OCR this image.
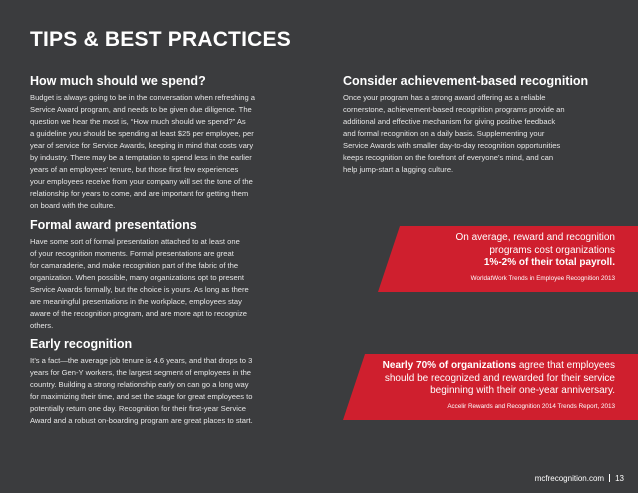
TIPS & BEST PRACTICES
How much should we spend?
Budget is always going to be in the conversation when refreshing a
Service Award program, and needs to be given due diligence. The
question we hear the most is, “How much should we spend?” As
a guideline you should be spending at least $25 per employee, per
year of service for Service Awards, keeping in mind that costs vary
by industry. There may be a temptation to spend less in the earlier
years of an employees’ tenure, but those first few experiences
your employees receive from your company will set the tone of the
relationship for years to come, and are important for getting them
on board with the culture.
Formal award presentations
Have some sort of formal presentation attached to at least one
of your recognition moments. Formal presentations are great
for camaraderie, and make recognition part of the fabric of the
organization. When possible, many organizations opt to present
Service Awards formally, but the choice is yours. As long as there
are meaningful presentations in the workplace, employees stay
aware of the recognition program, and are more apt to recognize
others.
Early recognition
It’s a fact—the average job tenure is 4.6 years, and that drops to 3
years for Gen-Y workers, the largest segment of employees in the
country. Building a strong relationship early on can go a long way
for maximizing their time, and set the stage for great employees to
potentially return one day. Recognition for their first-year Service
Award and a robust on-boarding program are great places to start.
Consider achievement-based recognition
Once your program has a strong award offering as a reliable
cornerstone, achievement-based recognition programs provide an
additional and effective mechanism for giving positive feedback
and formal recognition on a daily basis. Supplementing your
Service Awards with smaller day-to-day recognition opportunities
keeps recognition on the forefront of everyone’s mind, and can
help jump-start a lagging culture.
On average, reward and recognition
programs cost organizations
1%-2% of their total payroll.
WorldatWork Trends in Employee Recognition 2013
Nearly 70% of organizations agree that employees
should be recognized and rewarded for their service
beginning with their one-year anniversary.
Accelir Rewards and Recognition 2014 Trends Report, 2013
mcfrecognition.com 13
